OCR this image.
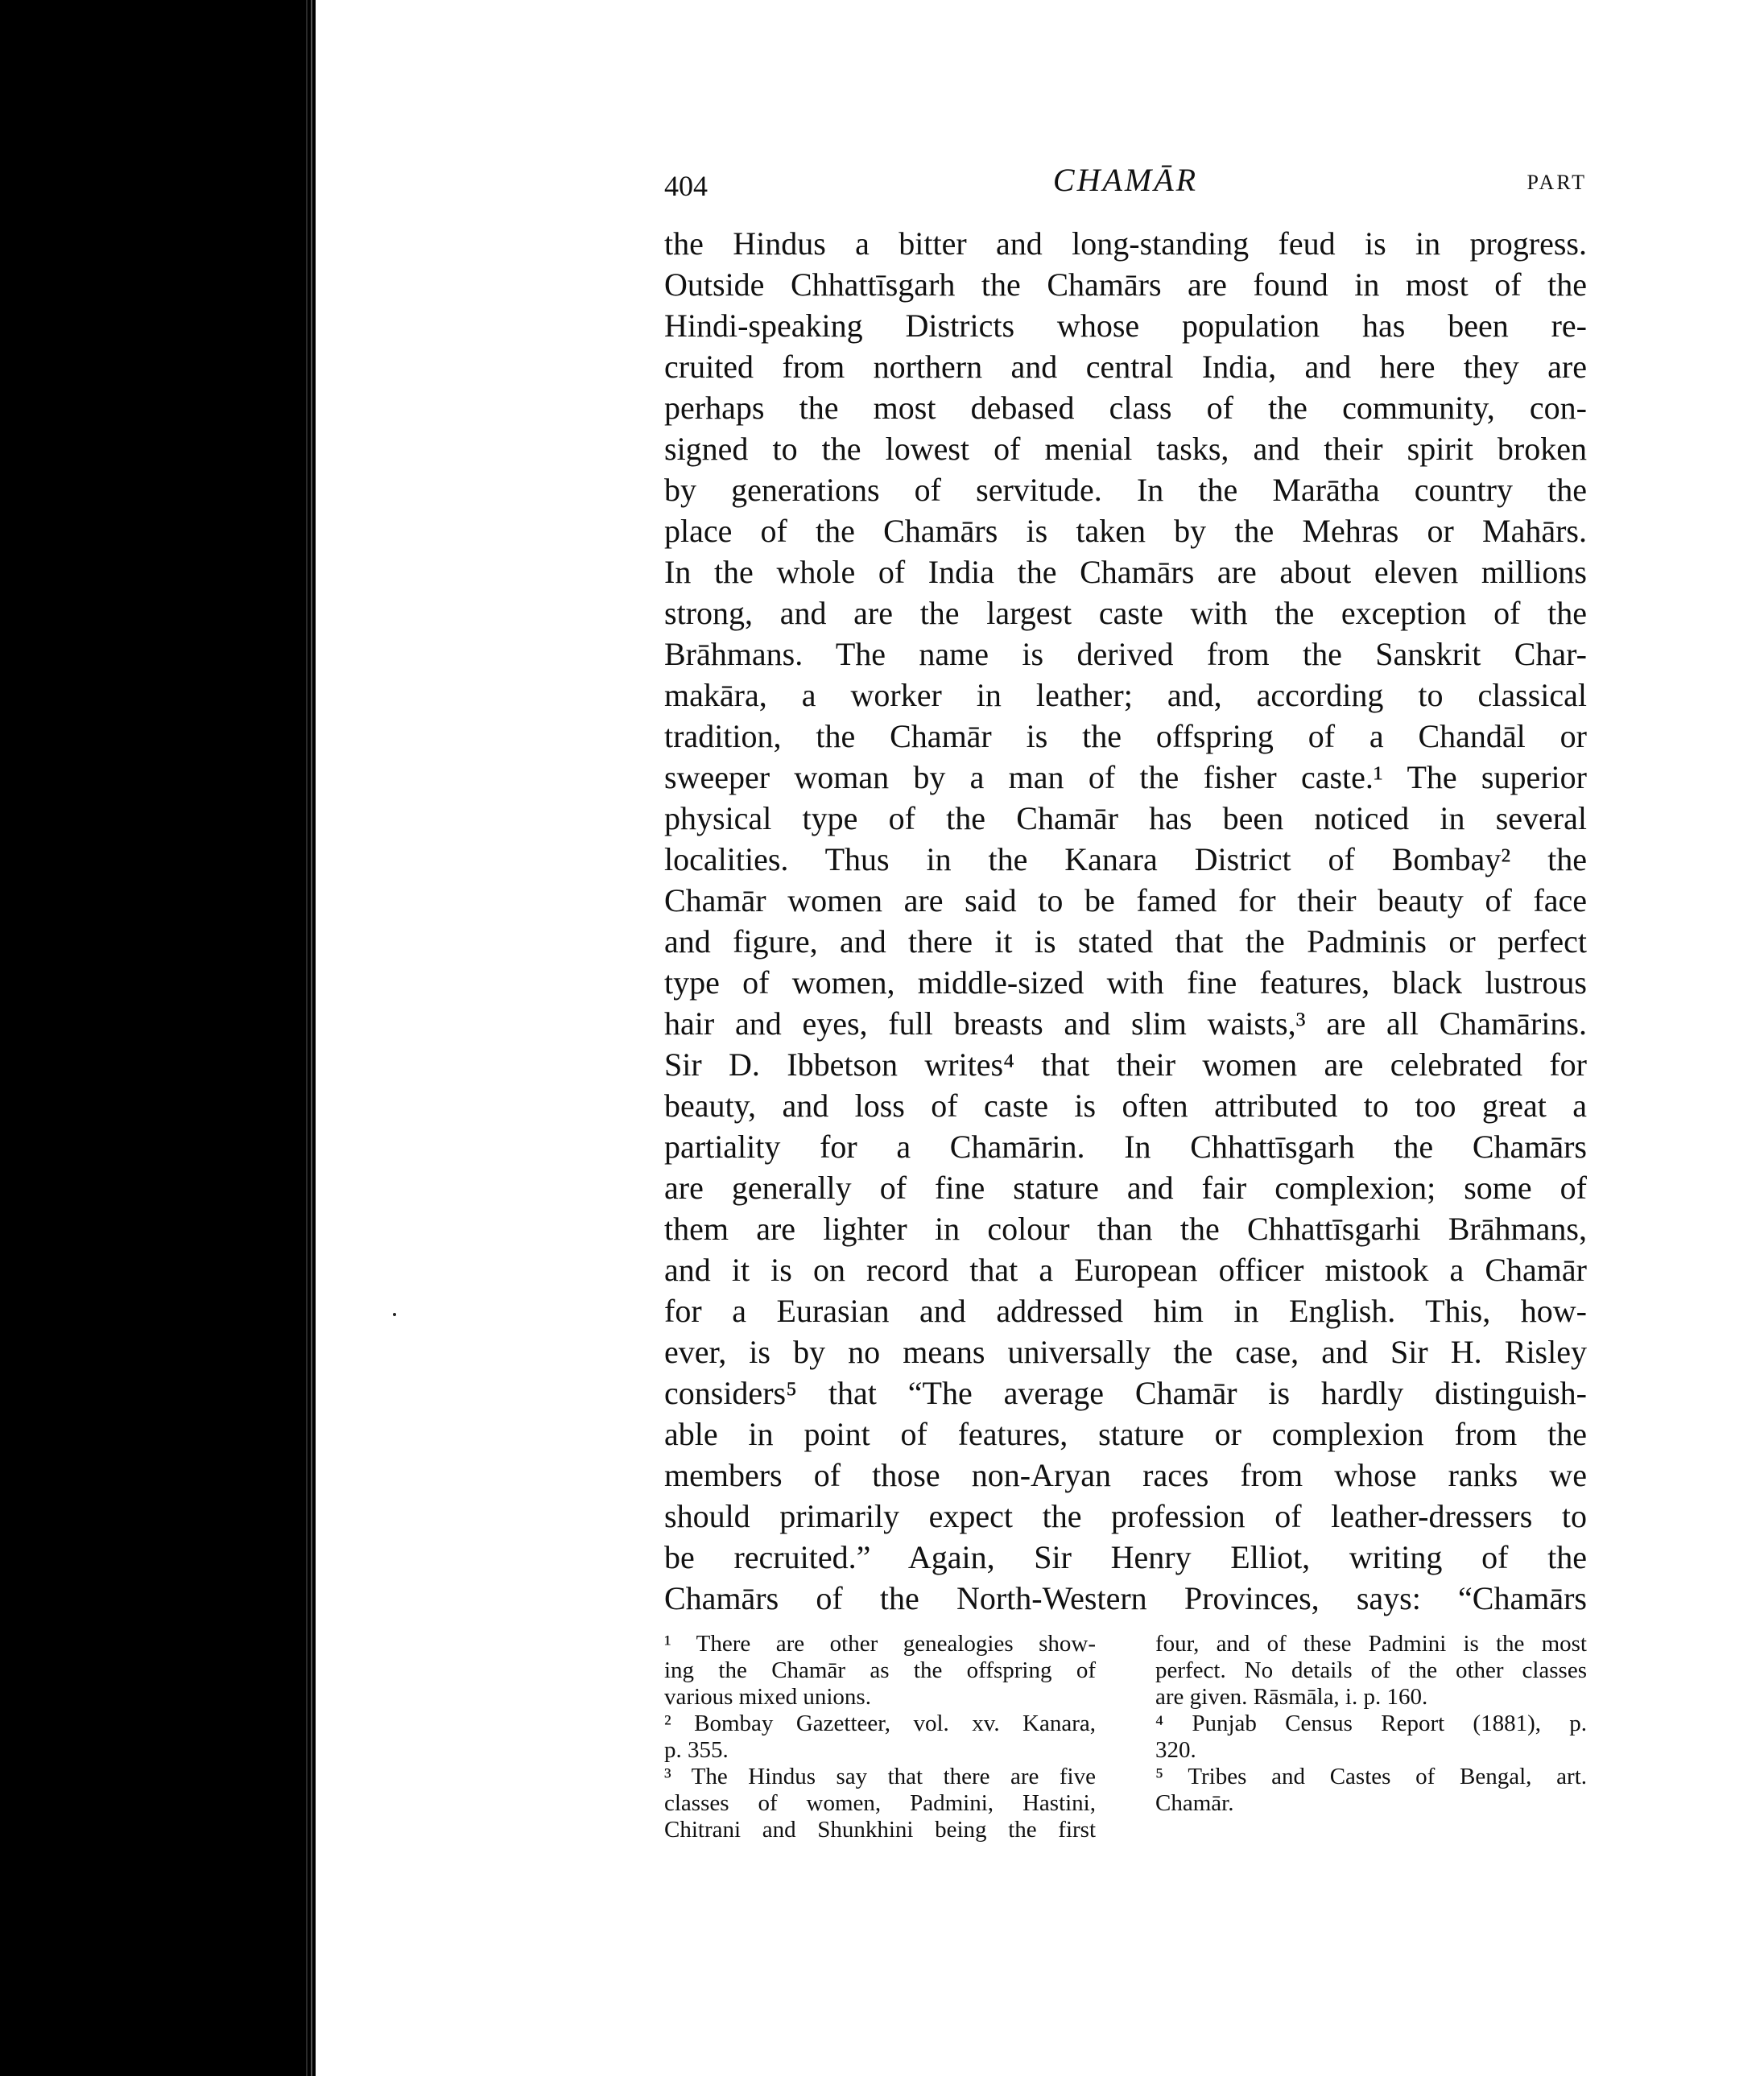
404	CHAMĀR	PART
the Hindus a bitter and long-standing feud is in progress.
Outside Chhattīsgarh the Chamārs are found in most of the
Hindi-speaking Districts whose population has been re-
cruited from northern and central India, and here they are
perhaps the most debased class of the community, con-
signed to the lowest of menial tasks, and their spirit broken
by generations of servitude. In the Marātha country the
place of the Chamārs is taken by the Mehras or Mahārs.
In the whole of India the Chamārs are about eleven millions
strong, and are the largest caste with the exception of the
Brāhmans. The name is derived from the Sanskrit Char-
makāra, a worker in leather; and, according to classical
tradition, the Chamār is the offspring of a Chandāl or
sweeper woman by a man of the fisher caste.¹ The superior
physical type of the Chamār has been noticed in several
localities. Thus in the Kanara District of Bombay² the
Chamār women are said to be famed for their beauty of face
and figure, and there it is stated that the Padminis or perfect
type of women, middle-sized with fine features, black lustrous
hair and eyes, full breasts and slim waists,³ are all Chamārins.
Sir D. Ibbetson writes⁴ that their women are celebrated for
beauty, and loss of caste is often attributed to too great a
partiality for a Chamārin. In Chhattīsgarh the Chamārs
are generally of fine stature and fair complexion; some of
them are lighter in colour than the Chhattīsgarhi Brāhmans,
and it is on record that a European officer mistook a Chamār
for a Eurasian and addressed him in English. This, how-
ever, is by no means universally the case, and Sir H. Risley
considers⁵ that “The average Chamār is hardly distinguish-
able in point of features, stature or complexion from the
members of those non-Aryan races from whose ranks we
should primarily expect the profession of leather-dressers to
be recruited.” Again, Sir Henry Elliot, writing of the
Chamārs of the North-Western Provinces, says: “Chamārs
¹ There are other genealogies show-
ing the Chamār as the offspring of
various mixed unions.
² Bombay Gazetteer, vol. xv. Kanara,
p. 355.
³ The Hindus say that there are five
classes of women, Padmini, Hastini,
Chitrani and Shunkhini being the first
four, and of these Padmini is the most
perfect. No details of the other classes
are given. Rāsmāla, i. p. 160.
⁴ Punjab Census Report (1881), p.
320.
⁵ Tribes and Castes of Bengal, art.
Chamār.
